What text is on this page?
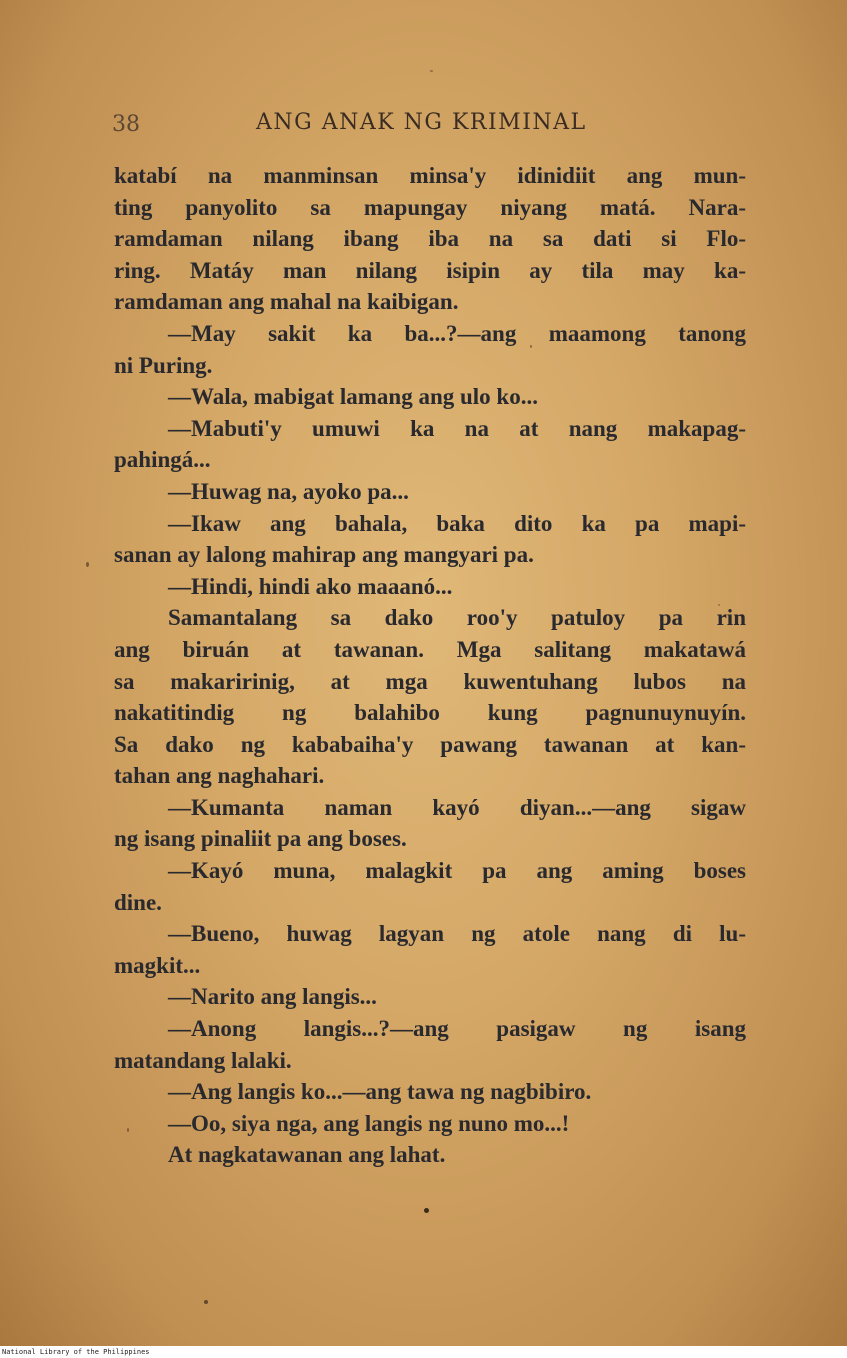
38	ANG ANAK NG KRIMINAL
katabí na manminsan minsa'y idinidiit ang mun-
ting panyolito sa mapungay niyang matá. Nara-
ramdaman nilang ibang iba na sa dati si Flo-
ring. Matáy man nilang isipin ay tila may ka-
ramdaman ang mahal na kaibigan.
—May sakit ka ba...?—ang maamong tanong
ni Puring.
—Wala, mabigat lamang ang ulo ko...
—Mabuti'y umuwi ka na at nang makapag-
pahingá...
—Huwag na, ayoko pa...
—Ikaw ang bahala, baka dito ka pa mapi-
sanan ay lalong mahirap ang mangyari pa.
—Hindi, hindi ako maaanó...
Samantalang sa dako roo'y patuloy pa rin
ang biruán at tawanan. Mga salitang makatawá
sa makaririnig, at mga kuwentuhang lubos na
nakatitindig ng balahibo kung pagnunuynuyín.
Sa dako ng kababaiha'y pawang tawanan at kan-
tahan ang naghahari.
—Kumanta naman kayó diyan...—ang sigaw
ng isang pinaliit pa ang boses.
—Kayó muna, malagkit pa ang aming boses
dine.
—Bueno, huwag lagyan ng atole nang di lu-
magkit...
—Narito ang langis...
—Anong langis...?—ang pasigaw ng isang
matandang lalaki.
—Ang langis ko...—ang tawa ng nagbibiro.
—Oo, siya nga, ang langis ng nuno mo...!
At nagkatawanan ang lahat.
National Library of the Philippines
